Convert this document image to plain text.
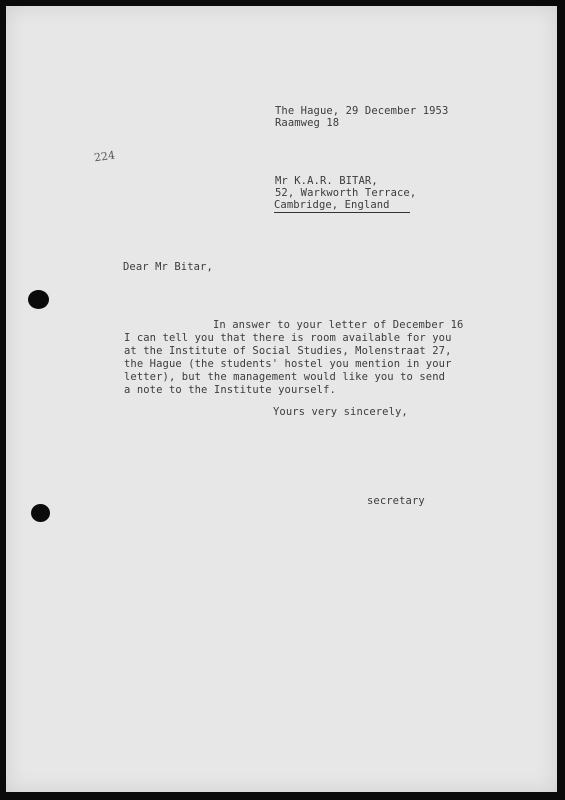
224
The Hague, 29 December 1953
Raamweg 18
Mr K.A.R. BITAR,
52, Warkworth Terrace,
Cambridge, England
Dear Mr Bitar,
In answer to your letter of December 16
I can tell you that there is room available for you
at the Institute of Social Studies, Molenstraat 27,
the Hague (the students' hostel you mention in your
letter), but the management would like you to send
a note to the Institute yourself.
Yours very sincerely,
secretary
